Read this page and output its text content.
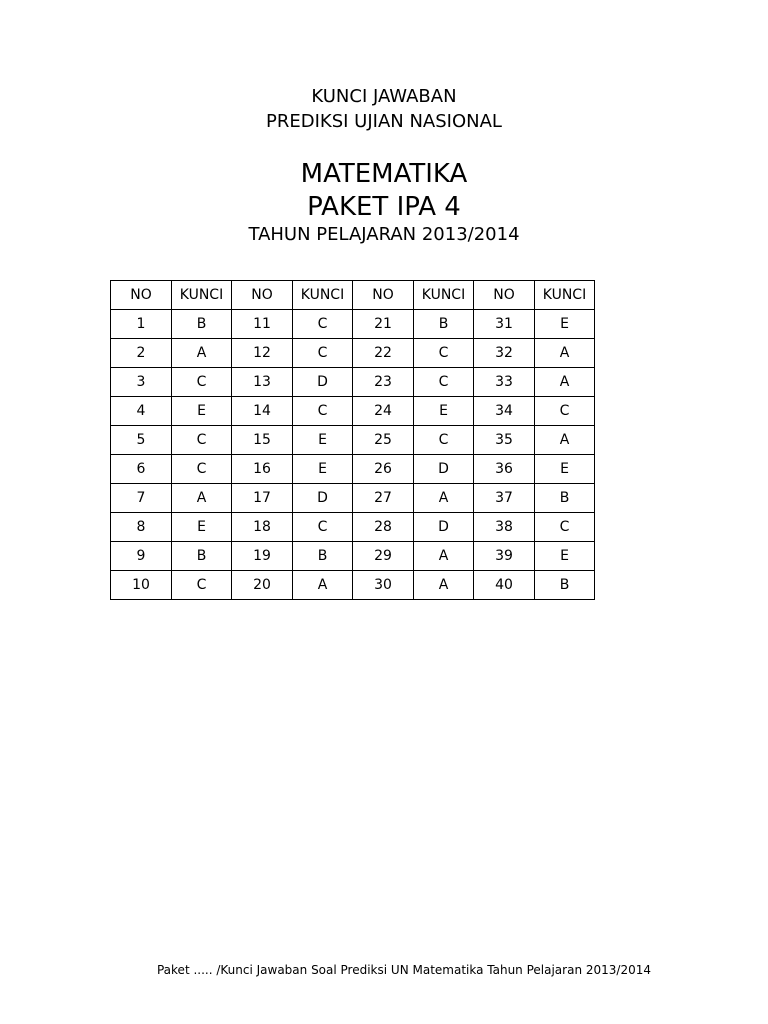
KUNCI JAWABAN
PREDIKSI UJIAN NASIONAL
MATEMATIKA
PAKET IPA 4
TAHUN PELAJARAN 2013/2014
NO	KUNCI	NO	KUNCI	NO	KUNCI	NO	KUNCI
1	B	11	C	21	B	31	E
2	A	12	C	22	C	32	A
3	C	13	D	23	C	33	A
4	E	14	C	24	E	34	C
5	C	15	E	25	C	35	A
6	C	16	E	26	D	36	E
7	A	17	D	27	A	37	B
8	E	18	C	28	D	38	C
9	B	19	B	29	A	39	E
10	C	20	A	30	A	40	B
Paket ..... /Kunci Jawaban Soal Prediksi UN Matematika Tahun Pelajaran 2013/2014
